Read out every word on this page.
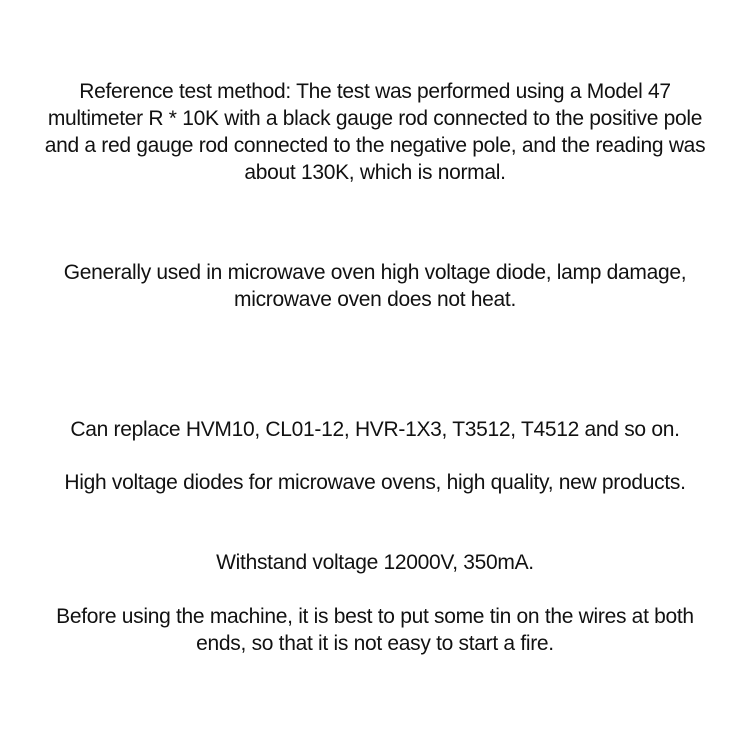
Reference test method: The test was performed using a Model 47 multimeter R * 10K with a black gauge rod connected to the positive pole and a red gauge rod connected to the negative pole, and the reading was about 130K, which is normal.

Generally used in microwave oven high voltage diode, lamp damage, microwave oven does not heat.

Can replace HVM10, CL01-12, HVR-1X3, T3512, T4512 and so on.

High voltage diodes for microwave ovens, high quality, new products.

Withstand voltage 12000V, 350mA.

Before using the machine, it is best to put some tin on the wires at both ends, so that it is not easy to start a fire.
